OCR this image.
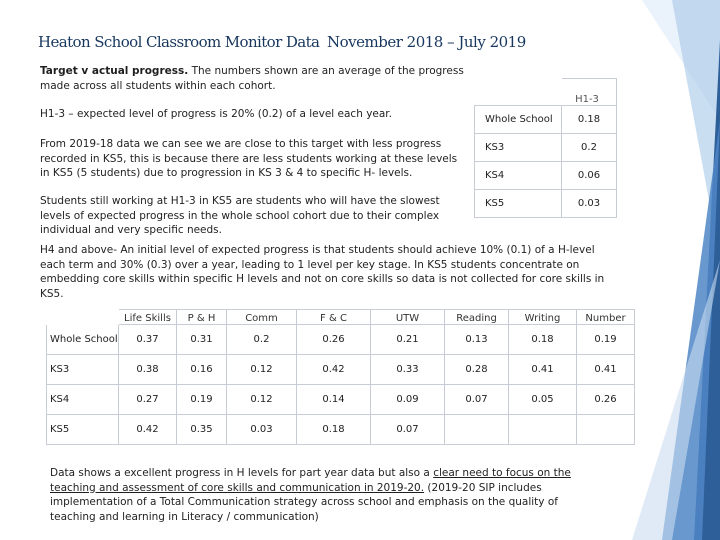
Heaton School Classroom Monitor Data November 2018 – July 2019
Target v actual progress. The numbers shown are an average of the progress made across all students within each cohort.
H1-3 – expected level of progress is 20% (0.2) of a level each year.
From 2019-18 data we can see we are close to this target with less progress recorded in KS5, this is because there are less students working at these levels in KS5 (5 students) due to progression in KS 3 & 4 to specific H- levels.
Students still working at H1-3 in KS5 are students who will have the slowest levels of expected progress in the whole school cohort due to their complex individual and very specific needs.
H4 and above- An initial level of expected progress is that students should achieve 10% (0.1) of a H-level each term and 30% (0.3) over a year, leading to 1 level per key stage. In KS5 students concentrate on embedding core skills within specific H levels and not on core skills so data is not collected for core skills in KS5.
	H1-3
Whole School	0.18
KS3	0.2
KS4	0.06
KS5	0.03
	Life Skills	P & H	Comm	F & C	UTW	Reading	Writing	Number
Whole School	0.37	0.31	0.2	0.26	0.21	0.13	0.18	0.19
KS3	0.38	0.16	0.12	0.42	0.33	0.28	0.41	0.41
KS4	0.27	0.19	0.12	0.14	0.09	0.07	0.05	0.26
KS5	0.42	0.35	0.03	0.18	0.07			
Data shows a excellent progress in H levels for part year data but also a clear need to focus on the teaching and assessment of core skills and communication in 2019-20. (2019-20 SIP includes implementation of a Total Communication strategy across school and emphasis on the quality of teaching and learning in Literacy / communication)
